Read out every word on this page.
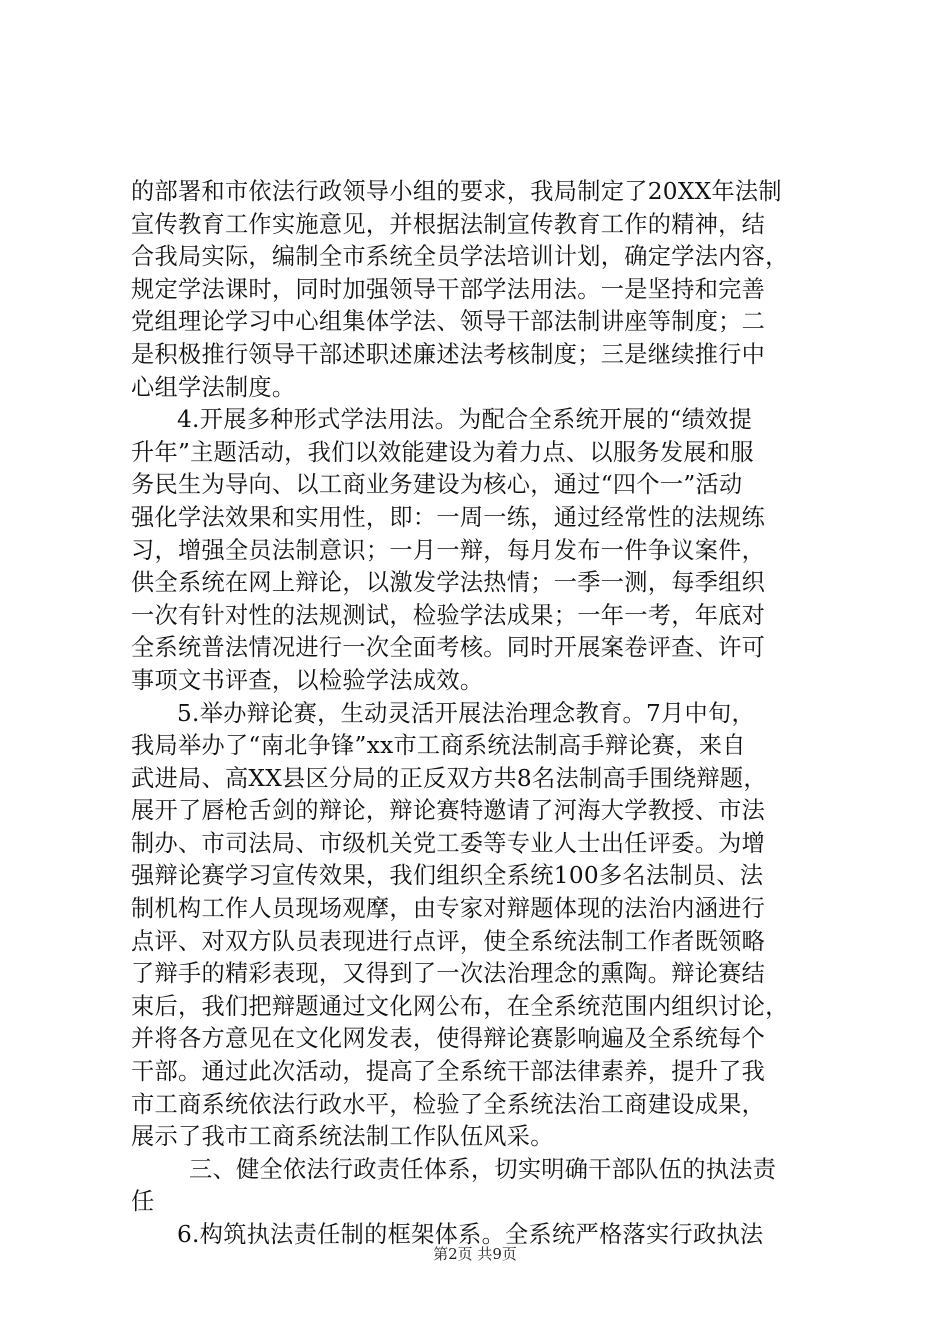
的部署和市依法行政领导小组的要求，我局制定了20XX年法制
宣传教育工作实施意见，并根据法制宣传教育工作的精神，结
合我局实际，编制全市系统全员学法培训计划，确定学法内容，
规定学法课时，同时加强领导干部学法用法。一是坚持和完善
党组理论学习中心组集体学法、领导干部法制讲座等制度；二
是积极推行领导干部述职述廉述法考核制度；三是继续推行中
心组学法制度。
4.开展多种形式学法用法。为配合全系统开展的“绩效提
升年”主题活动，我们以效能建设为着力点、以服务发展和服
务民生为导向、以工商业务建设为核心，通过“四个一”活动
强化学法效果和实用性，即：一周一练，通过经常性的法规练
习，增强全员法制意识；一月一辩，每月发布一件争议案件，
供全系统在网上辩论，以激发学法热情；一季一测，每季组织
一次有针对性的法规测试，检验学法成果；一年一考，年底对
全系统普法情况进行一次全面考核。同时开展案卷评查、许可
事项文书评查，以检验学法成效。
5.举办辩论赛，生动灵活开展法治理念教育。7月中旬，
我局举办了“南北争锋”xx市工商系统法制高手辩论赛，来自
武进局、高XX县区分局的正反双方共8名法制高手围绕辩题，
展开了唇枪舌剑的辩论，辩论赛特邀请了河海大学教授、市法
制办、市司法局、市级机关党工委等专业人士出任评委。为增
强辩论赛学习宣传效果，我们组织全系统100多名法制员、法
制机构工作人员现场观摩，由专家对辩题体现的法治内涵进行
点评、对双方队员表现进行点评，使全系统法制工作者既领略
了辩手的精彩表现，又得到了一次法治理念的熏陶。辩论赛结
束后，我们把辩题通过文化网公布，在全系统范围内组织讨论，
并将各方意见在文化网发表，使得辩论赛影响遍及全系统每个
干部。通过此次活动，提高了全系统干部法律素养，提升了我
市工商系统依法行政水平，检验了全系统法治工商建设成果，
展示了我市工商系统法制工作队伍风采。
三、健全依法行政责任体系，切实明确干部队伍的执法责
任
6.构筑执法责任制的框架体系。全系统严格落实行政执法
第2页 共9页
